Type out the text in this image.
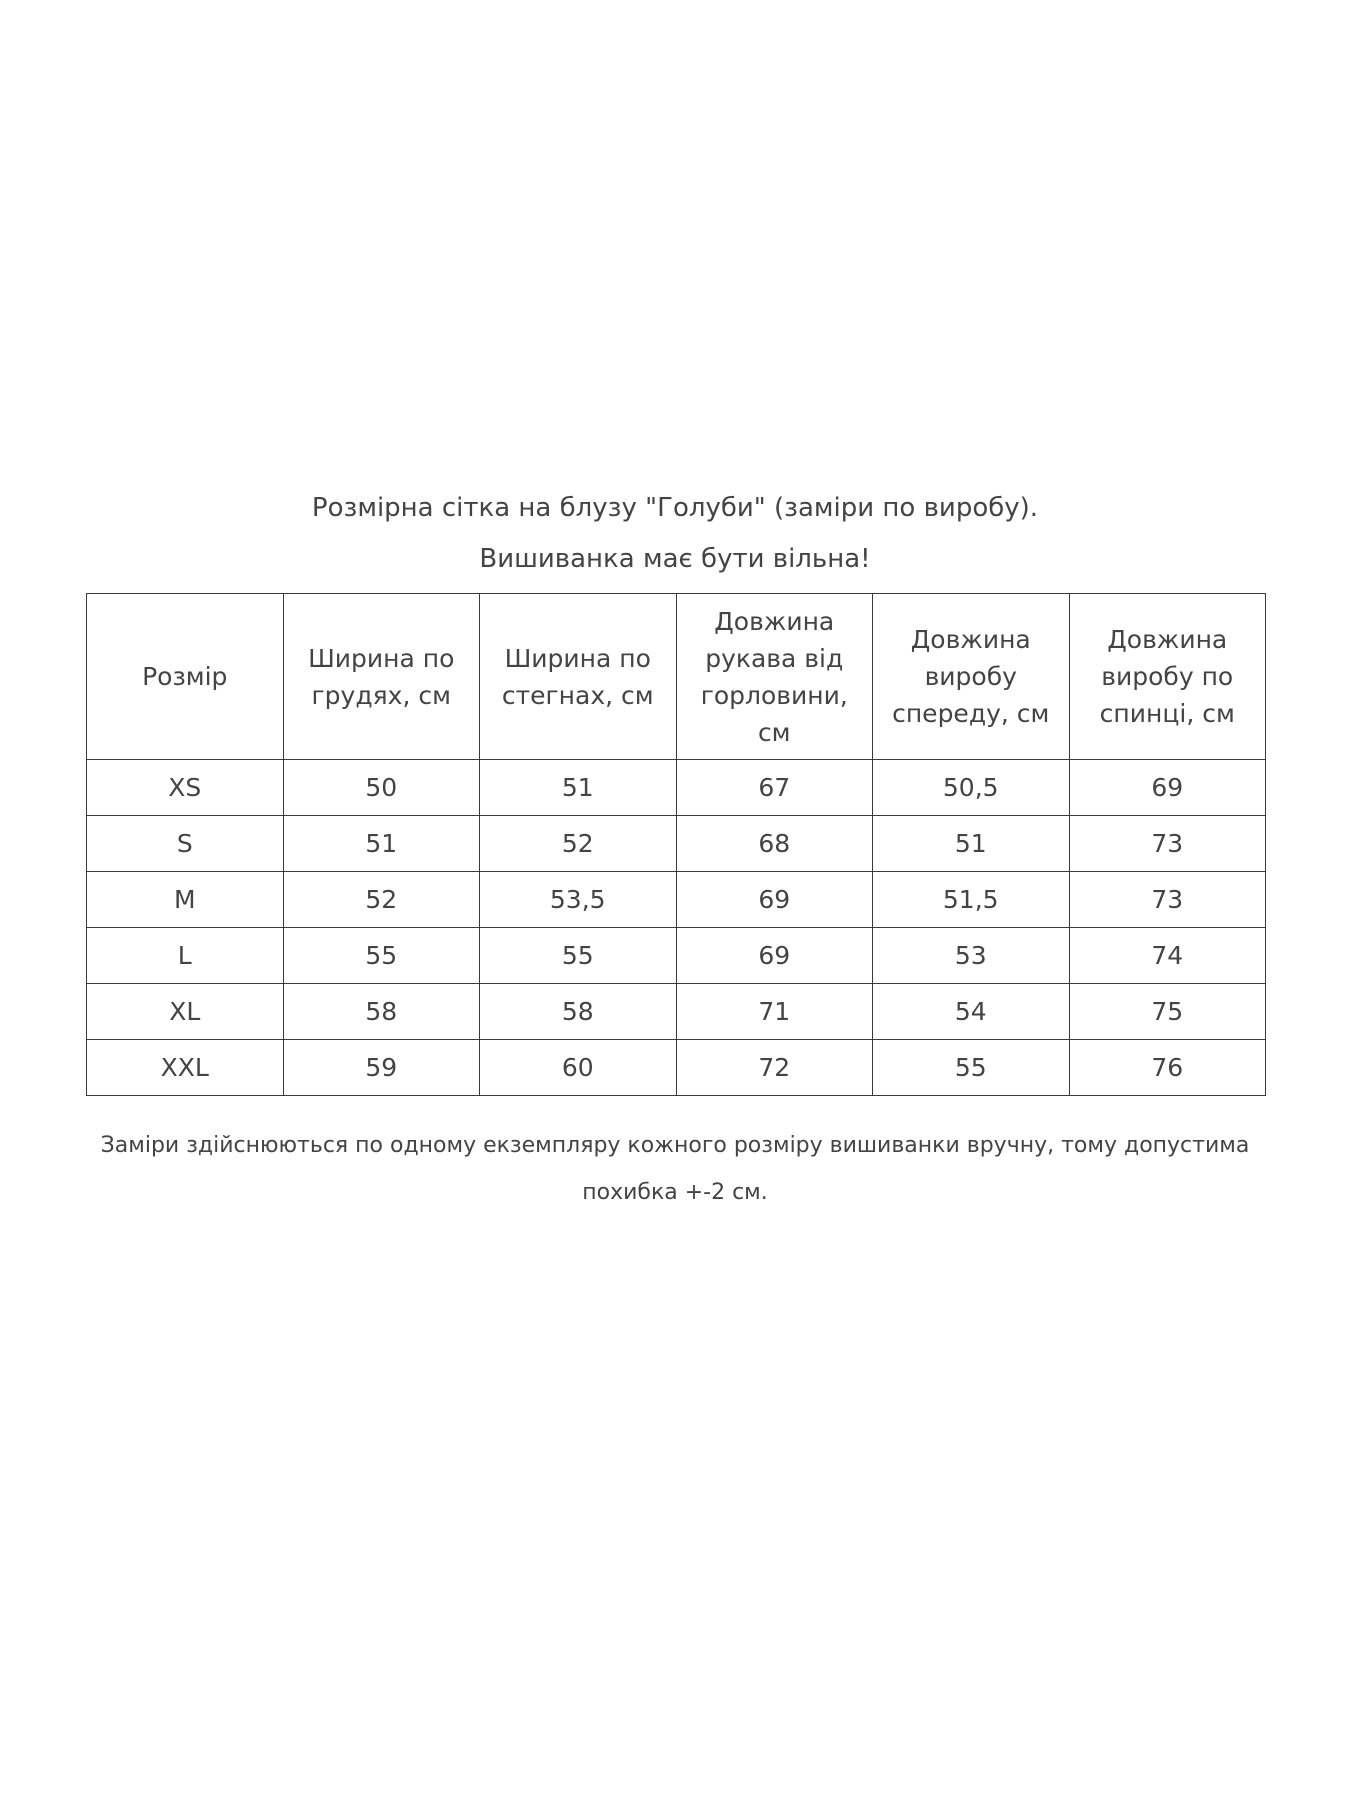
Розмірна сітка на блузу "Голуби" (заміри по виробу).
Вишиванка має бути вільна!
Розмір	Ширина по грудях, см	Ширина по стегнах, см	Довжина рукава від горловини, см	Довжина виробу спереду, см	Довжина виробу по спинці, см
XS	50	51	67	50,5	69
S	51	52	68	51	73
M	52	53,5	69	51,5	73
L	55	55	69	53	74
XL	58	58	71	54	75
XXL	59	60	72	55	76
Заміри здійснюються по одному екземпляру кожного розміру вишиванки вручну, тому допустима
похибка +-2 см.
